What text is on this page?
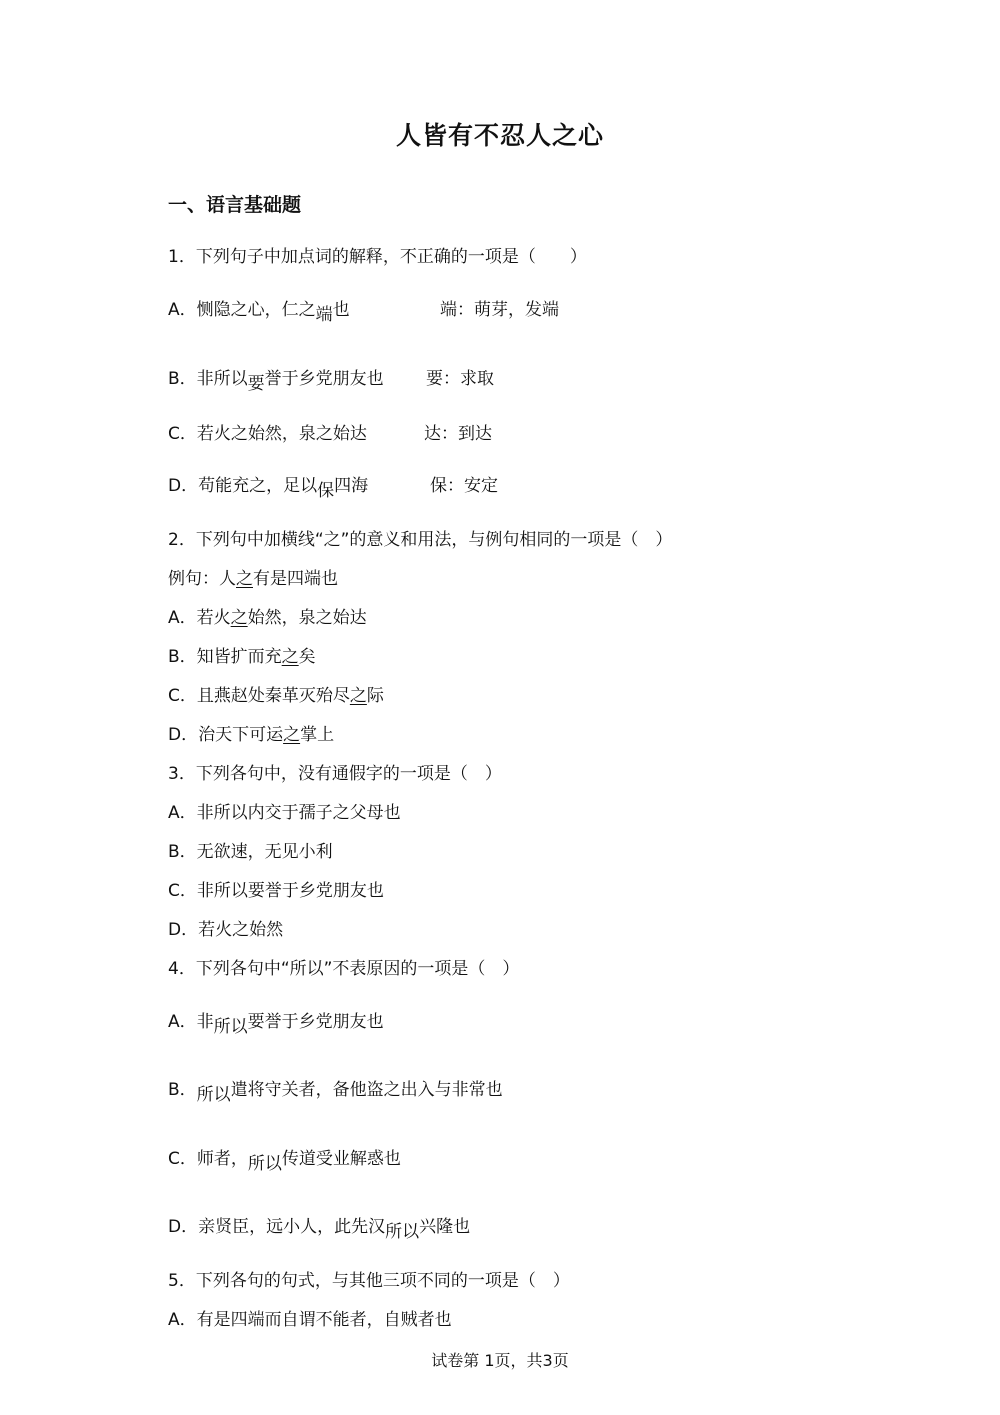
人皆有不忍人之心
一、语言基础题
1．下列句子中加点词的解释，不正确的一项是（　　）
A．恻隐之心，仁之端也	端：萌芽，发端
B．非所以要誉于乡党朋友也 要：求取
C．若火之始然，泉之始达	达：到达
D．苟能充之，足以保四海	保：安定
2．下列句中加横线“之”的意义和用法，与例句相同的一项是（　）
例句：人之有是四端也
A．若火之始然，泉之始达
B．知皆扩而充之矣
C．且燕赵处秦革灭殆尽之际
D．治天下可运之掌上
3．下列各句中，没有通假字的一项是（　）
A．非所以内交于孺子之父母也
B．无欲速，无见小利
C．非所以要誉于乡党朋友也
D．若火之始然
4．下列各句中“所以”不表原因的一项是（　）
A．非所以要誉于乡党朋友也
B．所以遣将守关者，备他盗之出入与非常也
C．师者，所以传道受业解惑也
D．亲贤臣，远小人，此先汉所以兴隆也
5．下列各句的句式，与其他三项不同的一项是（　）
A．有是四端而自谓不能者，自贼者也
试卷第 1页，共3页
